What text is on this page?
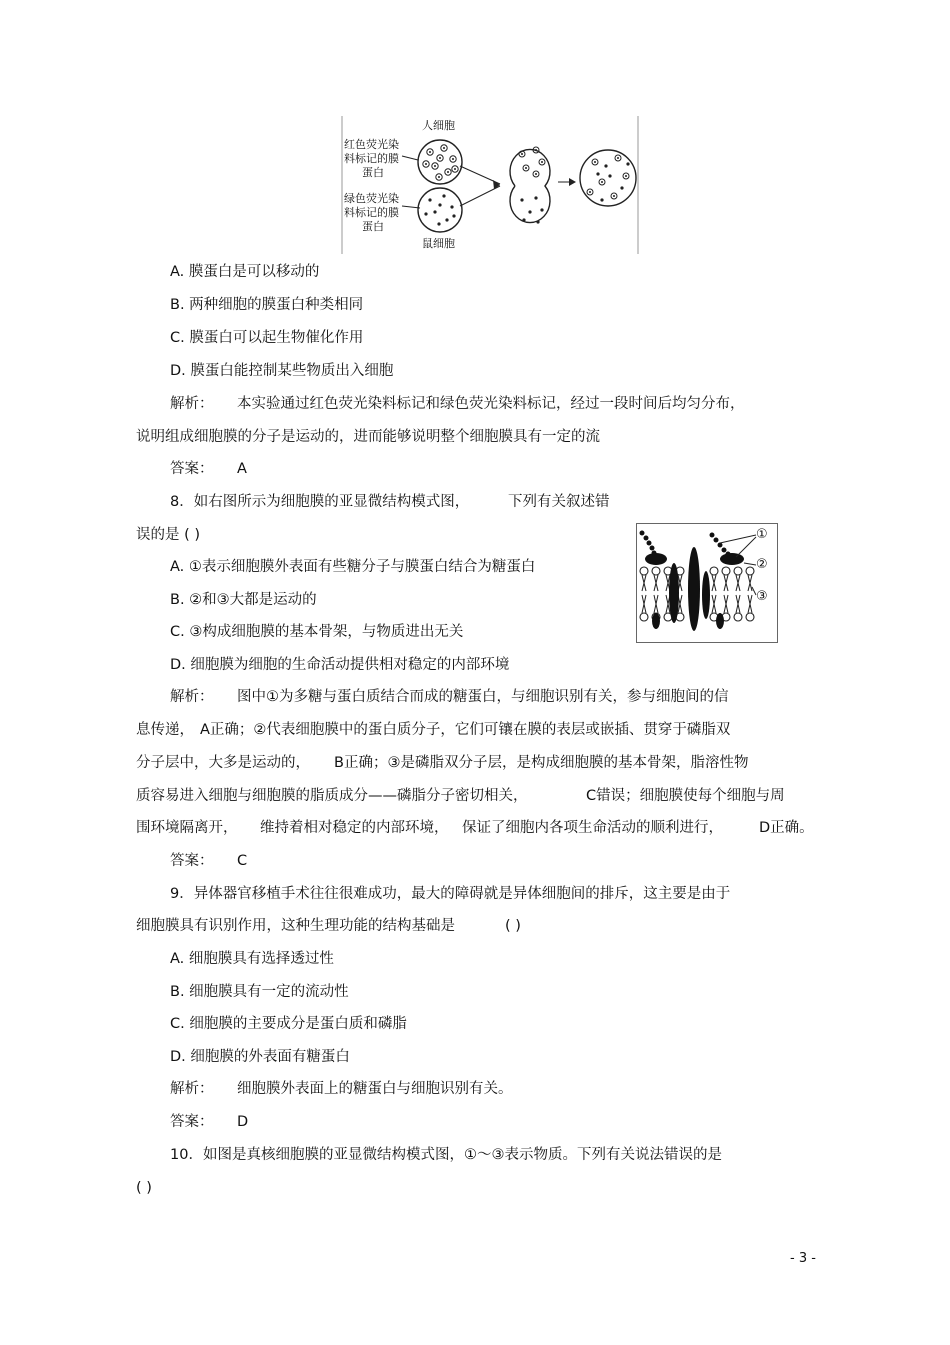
人细胞
红色荧光染
料标记的膜
蛋白
绿色荧光染
料标记的膜
蛋白
鼠细胞
A. 膜蛋白是可以移动的
B. 两种细胞的膜蛋白种类相同
C. 膜蛋白可以起生物催化作用
D. 膜蛋白能控制某些物质出入细胞
解析： 本实验通过红色荧光染料标记和绿色荧光染料标记，经过一段时间后均匀分布，
说明组成细胞膜的分子是运动的，进而能够说明整个细胞膜具有一定的流
答案： A
8．如右图所示为细胞膜的亚显微结构模式图，	下列有关叙述错
误的是 ( )	①
②
③
A. ①表示细胞膜外表面有些糖分子与膜蛋白结合为糖蛋白
B. ②和③大都是运动的
C. ③构成细胞膜的基本骨架，与物质进出无关
D. 细胞膜为细胞的生命活动提供相对稳定的内部环境
解析： 图中①为多糖与蛋白质结合而成的糖蛋白，与细胞识别有关，参与细胞间的信
息传递， A正确；②代表细胞膜中的蛋白质分子，它们可镶在膜的表层或嵌插、贯穿于磷脂双
分子层中，大多是运动的， B正确；③是磷脂双分子层，是构成细胞膜的基本骨架，脂溶性物
质容易进入细胞与细胞膜的脂质成分——磷脂分子密切相关，	C错误；细胞膜使每个细胞与周
围环境隔离开， 维持着相对稳定的内部环境， 保证了细胞内各项生命活动的顺利进行， D正确。
答案： C
9．异体器官移植手术往往很难成功，最大的障碍就是异体细胞间的排斥，这主要是由于
细胞膜具有识别作用，这种生理功能的结构基础是	( )
A. 细胞膜具有选择透过性
B. 细胞膜具有一定的流动性
C. 细胞膜的主要成分是蛋白质和磷脂
D. 细胞膜的外表面有糖蛋白
解析： 细胞膜外表面上的糖蛋白与细胞识别有关。
答案： D
10．如图是真核细胞膜的亚显微结构模式图，①～③表示物质。下列有关说法错误的是
( )
- 3 -
